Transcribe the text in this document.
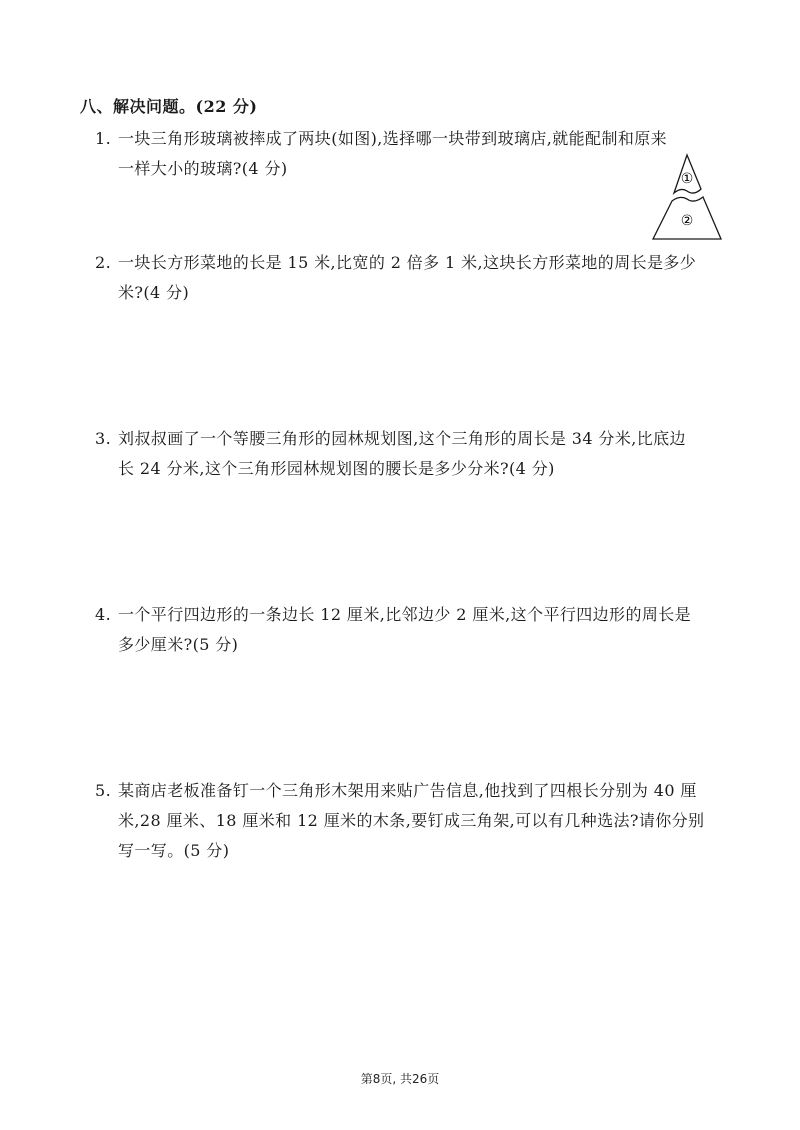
八、解决问题。(22 分)
1. 一块三角形玻璃被摔成了两块(如图),选择哪一块带到玻璃店,就能配制和原来
一样大小的玻璃?(4 分)
①
②
2. 一块长方形菜地的长是 15 米,比宽的 2 倍多 1 米,这块长方形菜地的周长是多少
米?(4 分)
3. 刘叔叔画了一个等腰三角形的园林规划图,这个三角形的周长是 34 分米,比底边
长 24 分米,这个三角形园林规划图的腰长是多少分米?(4 分)
4. 一个平行四边形的一条边长 12 厘米,比邻边少 2 厘米,这个平行四边形的周长是
多少厘米?(5 分)
5. 某商店老板准备钉一个三角形木架用来贴广告信息,他找到了四根长分别为 40 厘
米,28 厘米、18 厘米和 12 厘米的木条,要钉成三角架,可以有几种选法?请你分别
写一写。(5 分)
第8页, 共26页
